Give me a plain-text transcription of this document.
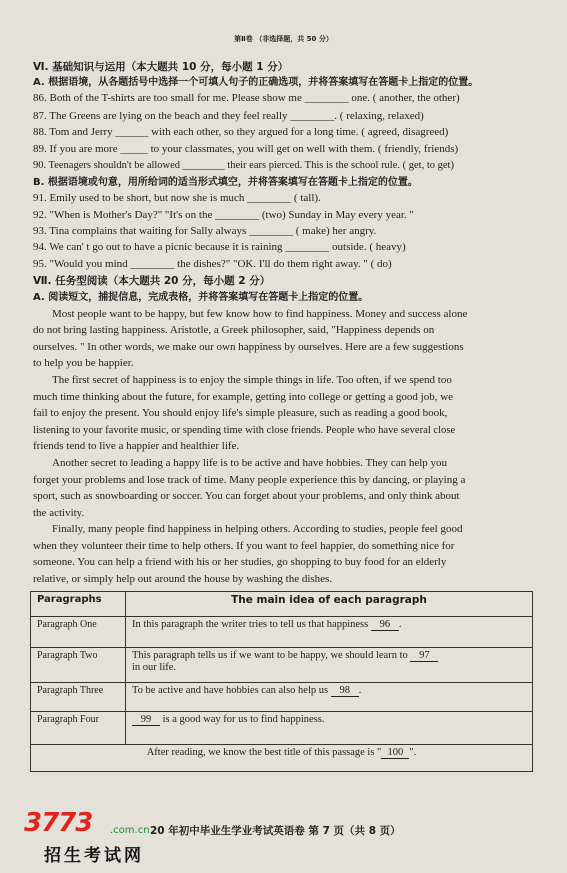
第Ⅱ卷 （非选择题，共 50 分）
Ⅵ. 基础知识与运用（本大题共 10 分，每小题 1 分）
A. 根据语境，从各题括号中选择一个可填人句子的正确选项，并将答案填写在答题卡上指定的位置。
86. Both of the T-shirts are too small for me. Please show me ________ one. ( another, the other)
87. The Greens are lying on the beach and they feel really ________. ( relaxing, relaxed)
88. Tom and Jerry ______ with each other, so they argued for a long time. ( agreed, disagreed)
89. If you are more _____ to your classmates, you will get on well with them. ( friendly, friends)
90. Teenagers shouldn't be allowed ________ their ears pierced. This is the school rule. ( get, to get)
B. 根据语境或句意，用所给词的适当形式填空，并将答案填写在答题卡上指定的位置。
91. Emily used to be short, but now she is much ________ ( tall).
92. "When is Mother's Day?" "It's on the ________ (two) Sunday in May every year. "
93. Tina complains that waiting for Sally always ________ ( make) her angry.
94. We can' t go out to have a picnic because it is raining ________ outside. ( heavy)
95. "Would you mind ________ the dishes?" "OK. I'll do them right away. " ( do)
Ⅶ. 任务型阅读（本大题共 20 分，每小题 2 分）
A. 阅读短文，捕捉信息，完成表格，并将答案填写在答题卡上指定的位置。
Most people want to be happy, but few know how to find happiness. Money and success alone
do not bring lasting happiness. Aristotle, a Greek philosopher, said, "Happiness depends on
ourselves. " In other words, we make our own happiness by ourselves. Here are a few suggestions
to help you be happier.
The first secret of happiness is to enjoy the simple things in life. Too often, if we spend too
much time thinking about the future, for example, getting into college or getting a good job, we
fail to enjoy the present. You should enjoy life's simple pleasure, such as reading a good book,
listening to your favorite music, or spending time with close friends. People who have several close
friends tend to live a happier and healthier life.
Another secret to leading a happy life is to be active and have hobbies. They can help you
forget your problems and lose track of time. Many people experience this by dancing, or playing a
sport, such as snowboarding or soccer. You can forget about your problems, and only think about
the activity.
Finally, many people find happiness in helping others. According to studies, people feel good
when they volunteer their time to help others. If you want to feel happier, do something nice for
someone. You can help a friend with his or her studies, go shopping to buy food for an elderly
relative, or simply help out around the house by washing the dishes.
Paragraphs	The main idea of each paragraph
Paragraph One	In this paragraph the writer tries to tell us that happiness 96 .
Paragraph Two	This paragraph tells us if we want to be happy, we should learn to 97
in our life.
Paragraph Three	To be active and have hobbies can also help us 98 .
Paragraph Four	99 is a good way for us to find happiness.
After reading, we know the best title of this passage is " 100 ".	
20 年初中毕业生学业考试英语卷 第 7 页（共 8 页）
3773 .com.cn
招生考试网
